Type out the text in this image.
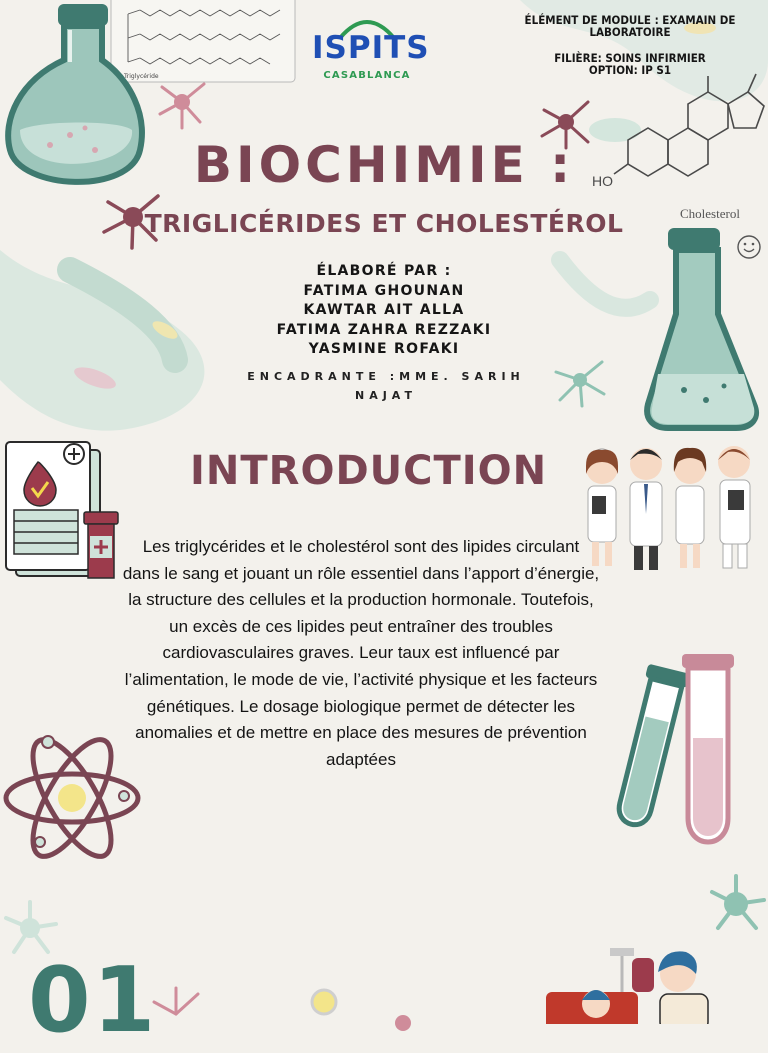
Triglycéride
HO
Cholesterol
ISPITS
CASABLANCA
ÉLÉMENT DE MODULE : EXAMAIN DE
LABORATOIRE
FILIÈRE: SOINS INFIRMIER
OPTION: IP S1
BIOCHIMIE :
TRIGLICÉRIDES ET CHOLESTÉROL
ÉLABORÉ PAR :
FATIMA GHOUNAN
KAWTAR AIT ALLA
FATIMA ZAHRA REZZAKI
YASMINE ROFAKI
ENCADRANTE :MME. SARIH
NAJAT
INTRODUCTION
Les triglycérides et le cholestérol sont des lipides circulant dans le sang et jouant un rôle essentiel dans l’apport d’énergie, la structure des cellules et la production hormonale. Toutefois, un excès de ces lipides peut entraîner des troubles cardiovasculaires graves. Leur taux est influencé par l’alimentation, le mode de vie, l’activité physique et les facteurs génétiques. Le dosage biologique permet de détecter les anomalies et de mettre en place des mesures de prévention adaptées
01
